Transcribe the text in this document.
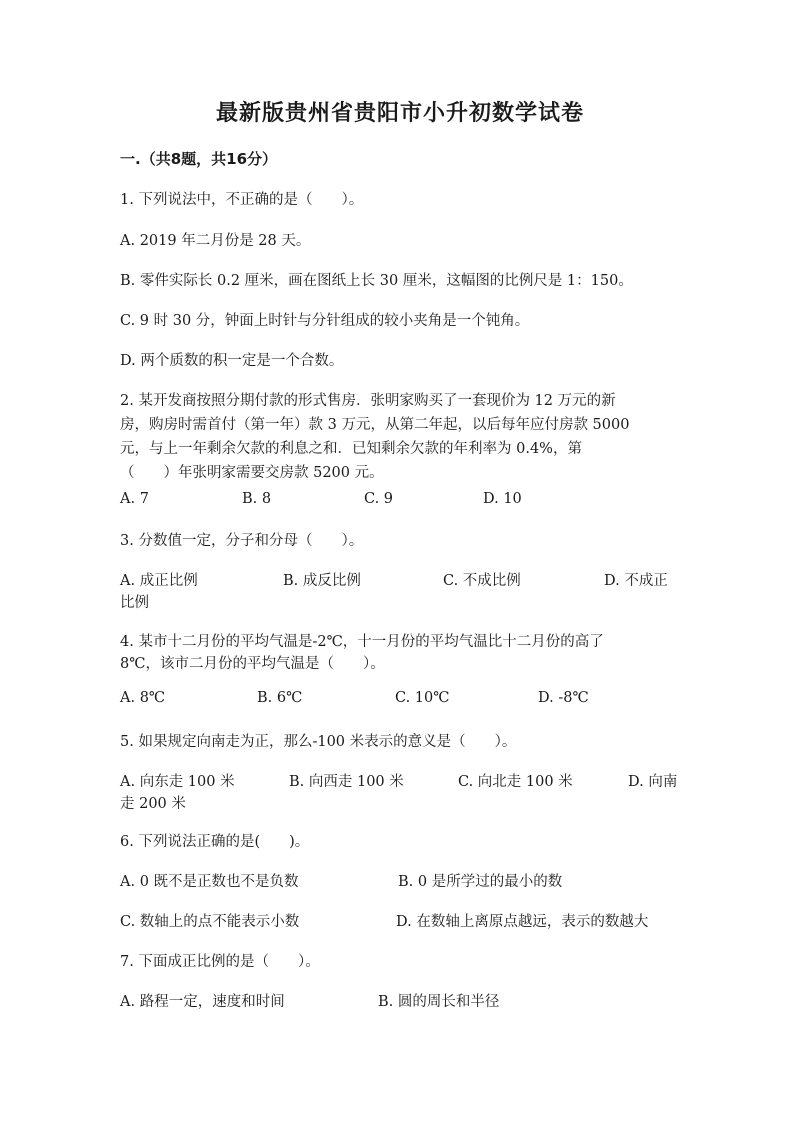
最新版贵州省贵阳市小升初数学试卷
一.（共8题，共16分）
1. 下列说法中，不正确的是（　　）。
A. 2019 年二月份是 28 天。
B. 零件实际长 0.2 厘米，画在图纸上长 30 厘米，这幅图的比例尺是 1：150。
C. 9 时 30 分，钟面上时针与分针组成的较小夹角是一个钝角。
D. 两个质数的积一定是一个合数。
2. 某开发商按照分期付款的形式售房．张明家购买了一套现价为 12 万元的新
房，购房时需首付（第一年）款 3 万元，从第二年起，以后每年应付房款 5000
元，与上一年剩余欠款的利息之和．已知剩余欠款的年利率为 0.4%，第
（　　）年张明家需要交房款 5200 元。
A. 7	B. 8	C. 9	D. 10
3. 分数值一定，分子和分母（　　）。
A. 成正比例	B. 成反比例	C. 不成比例	D. 不成正
比例
4. 某市十二月份的平均气温是-2℃，十一月份的平均气温比十二月份的高了
8℃，该市二月份的平均气温是（　　）。
A. 8℃	B. 6℃	C. 10℃	D. -8℃
5. 如果规定向南走为正，那么-100 米表示的意义是（　　）。
A. 向东走 100 米	B. 向西走 100 米	C. 向北走 100 米	D. 向南
走 200 米
6. 下列说法正确的是(　　)。
A. 0 既不是正数也不是负数	B. 0 是所学过的最小的数
C. 数轴上的点不能表示小数	D. 在数轴上离原点越远，表示的数越大
7. 下面成正比例的是（　　）。
A. 路程一定，速度和时间	B. 圆的周长和半径
